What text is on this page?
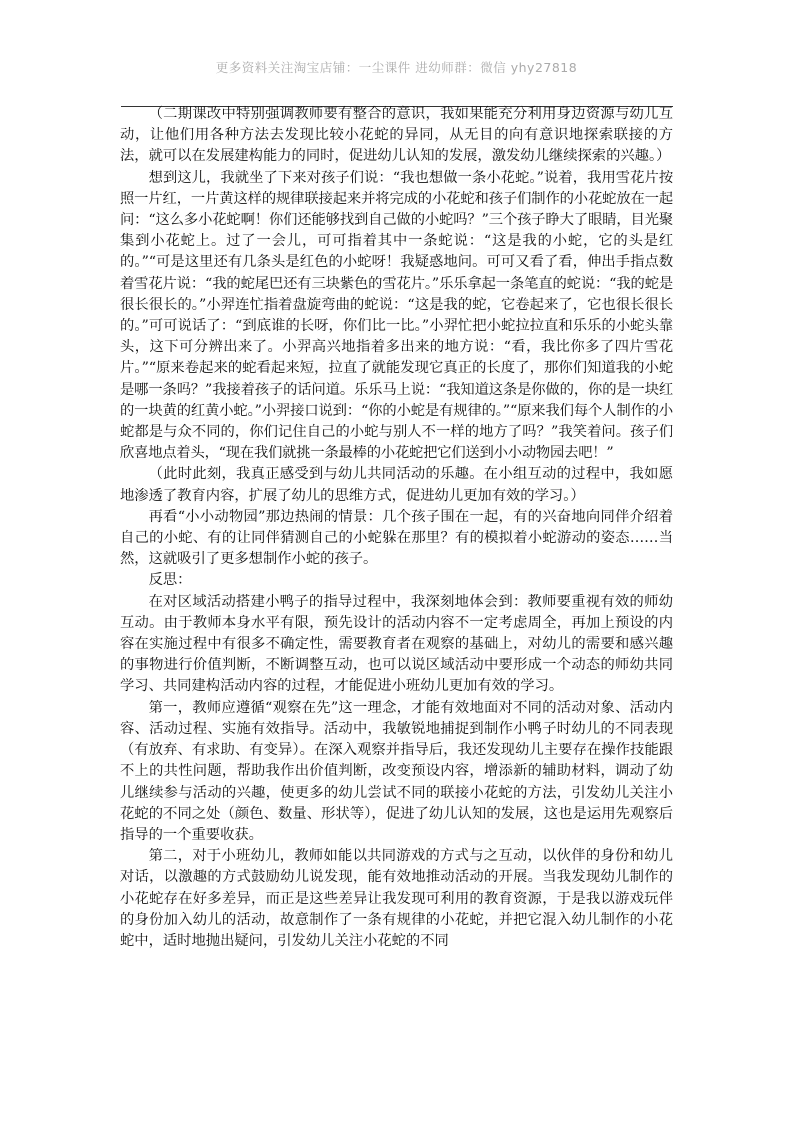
更多资料关注淘宝店铺：一尘课件 进幼师群：微信 yhy27818

（二期课改中特别强调教师要有整合的意识，我如果能充分利用身边资源与幼儿互动，让他们用各种方法去发现比较小花蛇的异同，从无目的向有意识地探索联接的方法，就可以在发展建构能力的同时，促进幼儿认知的发展，激发幼儿继续探索的兴趣。）

想到这儿，我就坐了下来对孩子们说：“我也想做一条小花蛇。”说着，我用雪花片按照一片红，一片黄这样的规律联接起来并将完成的小花蛇和孩子们制作的小花蛇放在一起问：“这么多小花蛇啊！你们还能够找到自己做的小蛇吗？”三个孩子睁大了眼睛，目光聚集到小花蛇上。过了一会儿，可可指着其中一条蛇说：“这是我的小蛇，它的头是红的。”“可是这里还有几条头是红色的小蛇呀！我疑惑地问。可可又看了看，伸出手指点数着雪花片说：“我的蛇尾巴还有三块紫色的雪花片。”乐乐拿起一条笔直的蛇说：“我的蛇是很长很长的。”小羿连忙指着盘旋弯曲的蛇说：“这是我的蛇，它卷起来了，它也很长很长的。”可可说话了：“到底谁的长呀，你们比一比。”小羿忙把小蛇拉拉直和乐乐的小蛇头靠头，这下可分辨出来了。小羿高兴地指着多出来的地方说：“看，我比你多了四片雪花片。”“原来卷起来的蛇看起来短，拉直了就能发现它真正的长度了，那你们知道我的小蛇是哪一条吗？”我接着孩子的话问道。乐乐马上说：“我知道这条是你做的，你的是一块红的一块黄的红黄小蛇。”小羿接口说到：“你的小蛇是有规律的。”“原来我们每个人制作的小蛇都是与众不同的，你们记住自己的小蛇与别人不一样的地方了吗？”我笑着问。孩子们欣喜地点着头，“现在我们就挑一条最棒的小花蛇把它们送到小小动物园去吧！”

（此时此刻，我真正感受到与幼儿共同活动的乐趣。在小组互动的过程中，我如愿地渗透了教育内容，扩展了幼儿的思维方式，促进幼儿更加有效的学习。）

再看“小小动物园”那边热闹的情景：几个孩子围在一起，有的兴奋地向同伴介绍着自己的小蛇、有的让同伴猜测自己的小蛇躲在那里？有的模拟着小蛇游动的姿态……当然，这就吸引了更多想制作小蛇的孩子。

反思：

在对区域活动搭建小鸭子的指导过程中，我深刻地体会到：教师要重视有效的师幼互动。由于教师本身水平有限，预先设计的活动内容不一定考虑周全，再加上预设的内容在实施过程中有很多不确定性，需要教育者在观察的基础上，对幼儿的需要和感兴趣的事物进行价值判断，不断调整互动，也可以说区域活动中要形成一个动态的师幼共同学习、共同建构活动内容的过程，才能促进小班幼儿更加有效的学习。

第一，教师应遵循“观察在先”这一理念，才能有效地面对不同的活动对象、活动内容、活动过程、实施有效指导。活动中，我敏锐地捕捉到制作小鸭子时幼儿的不同表现（有放弃、有求助、有变异）。在深入观察并指导后，我还发现幼儿主要存在操作技能跟不上的共性问题，帮助我作出价值判断，改变预设内容，增添新的辅助材料，调动了幼儿继续参与活动的兴趣，使更多的幼儿尝试不同的联接小花蛇的方法，引发幼儿关注小花蛇的不同之处（颜色、数量、形状等），促进了幼儿认知的发展，这也是运用先观察后指导的一个重要收获。

第二，对于小班幼儿，教师如能以共同游戏的方式与之互动，以伙伴的身份和幼儿对话，以激趣的方式鼓励幼儿说发现，能有效地推动活动的开展。当我发现幼儿制作的小花蛇存在好多差异，而正是这些差异让我发现可利用的教育资源，于是我以游戏玩伴的身份加入幼儿的活动，故意制作了一条有规律的小花蛇，并把它混入幼儿制作的小花蛇中，适时地抛出疑问，引发幼儿关注小花蛇的不同
